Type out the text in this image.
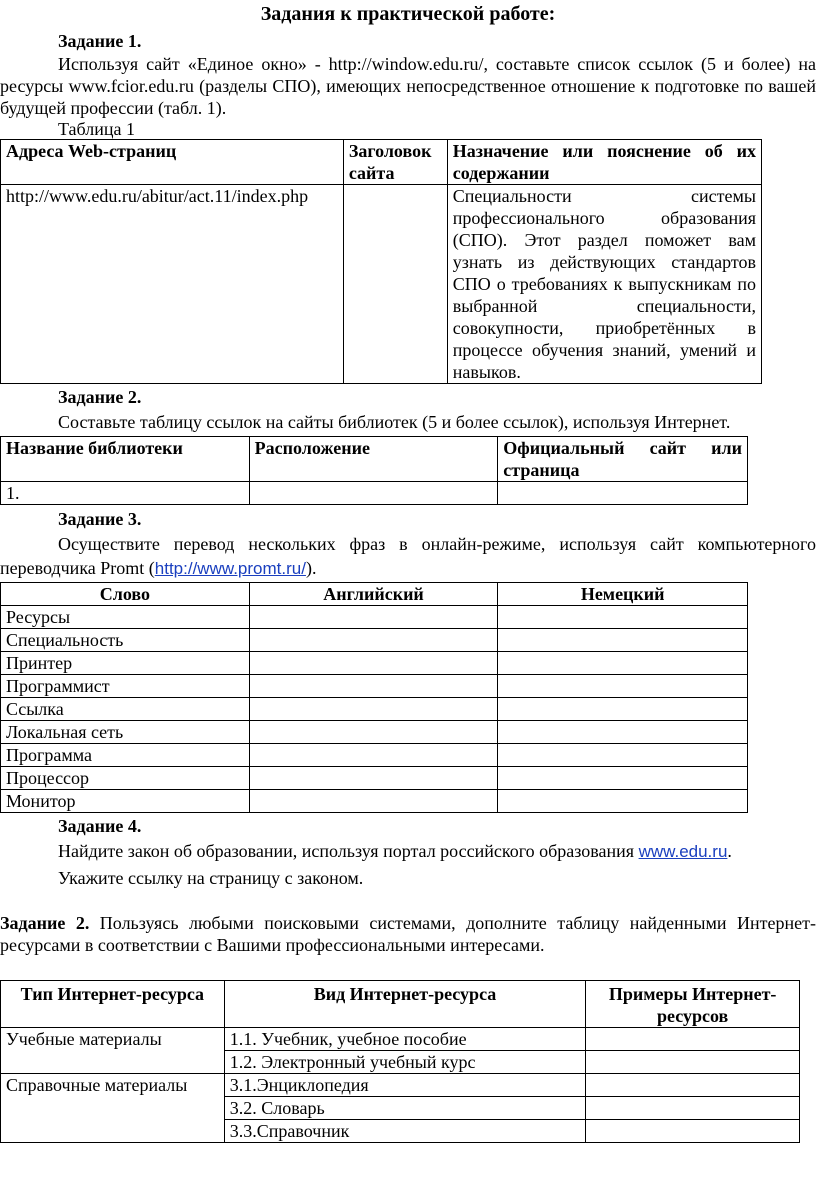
Задания к практической работе:
Задание 1.
Используя сайт «Единое окно» - http://window.edu.ru/, составьте список ссылок (5 и более) на ресурсы www.fcior.edu.ru (разделы СПО), имеющих непосредственное отношение к подготовке по вашей будущей профессии (табл. 1).
Таблица 1
Адреса Web-страниц	Заголовок сайта	Назначение или пояснение об их содержании
http://www.edu.ru/abitur/act.11/index.php		Специальности системы профессионального образования (СПО). Этот раздел поможет вам узнать из действующих стандартов СПО о требованиях к выпускникам по выбранной специальности, совокупности, приобретённых в процессе обучения знаний, умений и навыков.
Задание 2.
Составьте таблицу ссылок на сайты библиотек (5 и более ссылок), используя Интернет.
Название библиотеки	Расположение	Официальный сайт или страница
1.		
Задание 3.
Осуществите перевод нескольких фраз в онлайн-режиме, используя сайт компьютерного переводчика Promt (http://www.promt.ru/).
Слово	Английский	Немецкий
Ресурсы		
Специальность		
Принтер		
Программист		
Ссылка		
Локальная сеть		
Программа		
Процессор		
Монитор		
Задание 4.
Найдите закон об образовании, используя портал российского образования www.edu.ru.
Укажите ссылку на страницу с законом.
Задание 2. Пользуясь любыми поисковыми системами, дополните таблицу найденными Интернет-ресурсами в соответствии с Вашими профессиональными интересами.
Тип Интернет-ресурса	Вид Интернет-ресурса	Примеры Интернет-ресурсов
Учебные материалы	1.1. Учебник, учебное пособие	
	1.2. Электронный учебный курс	
Справочные материалы	3.1.Энциклопедия	
	3.2. Словарь	
	3.3.Справочник	
